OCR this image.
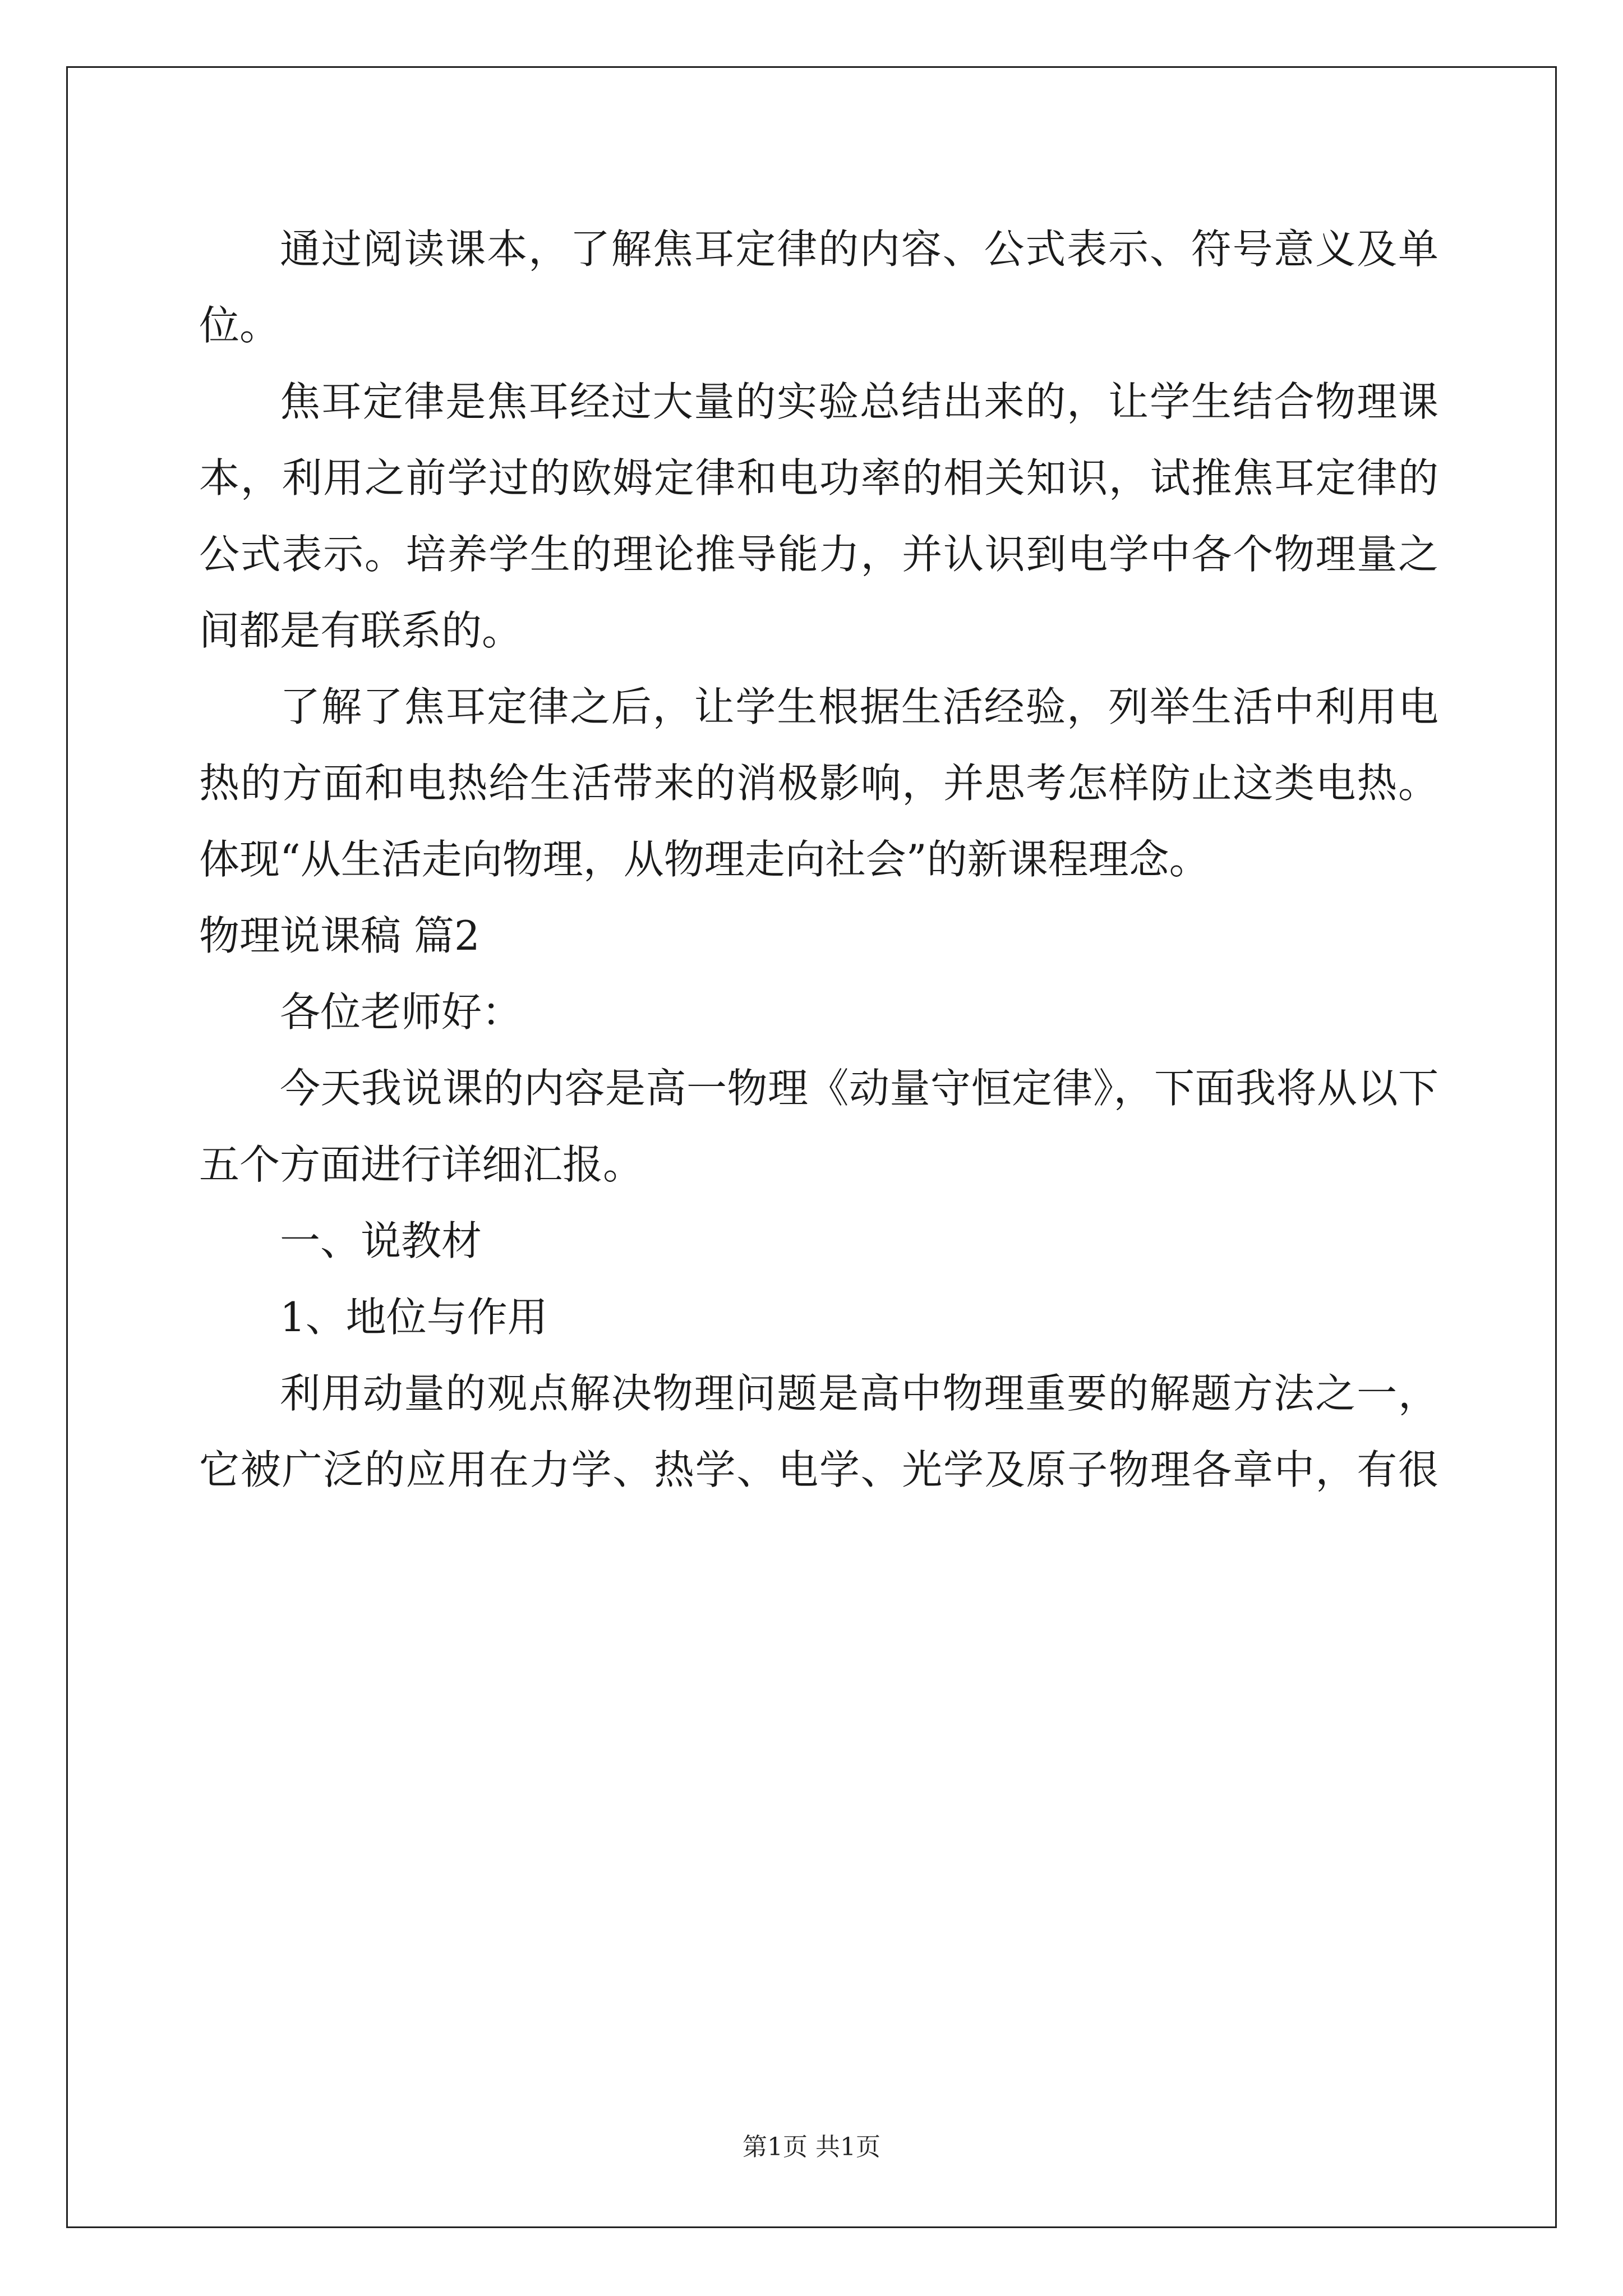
通过阅读课本，了解焦耳定律的内容、公式表示、符号意义及单

位。

焦耳定律是焦耳经过大量的实验总结出来的，让学生结合物理课

本，利用之前学过的欧姆定律和电功率的相关知识，试推焦耳定律的

公式表示。培养学生的理论推导能力，并认识到电学中各个物理量之

间都是有联系的。

了解了焦耳定律之后，让学生根据生活经验，列举生活中利用电

热的方面和电热给生活带来的消极影响，并思考怎样防止这类电热。

体现“从生活走向物理，从物理走向社会”的新课程理念。

物理说课稿 篇2

各位老师好：

今天我说课的内容是高一物理《动量守恒定律》，下面我将从以下

五个方面进行详细汇报。

一、说教材

1、地位与作用

利用动量的观点解决物理问题是高中物理重要的解题方法之一，

它被广泛的应用在力学、热学、电学、光学及原子物理各章中，有很

第1页 共1页
